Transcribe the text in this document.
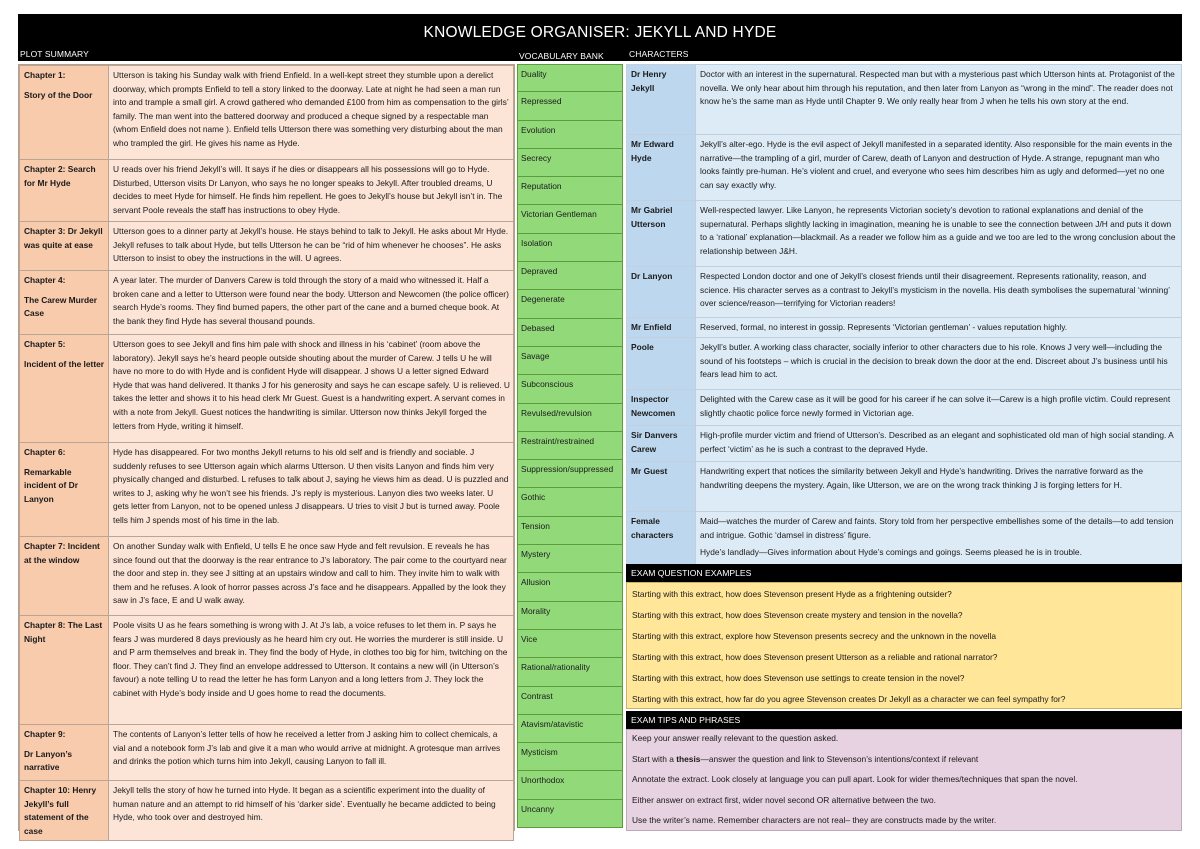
KNOWLEDGE ORGANISER: JEKYLL AND HYDE
PLOT SUMMARY	VOCABULARY BANK	CHARACTERS
Chapter 1:
Story of the Door	Utterson is taking his Sunday walk with friend Enfield. In a well-kept street they stumble upon a derelict doorway, which prompts Enfield to tell a story linked to the doorway. Late at night he had seen a man run into and trample a small girl. A crowd gathered who demanded £100 from him as compensation to the girls’ family. The man went into the battered doorway and produced a cheque signed by a respectable man (whom Enfield does not name ). Enfield tells Utterson there was something very disturbing about the man who trampled the girl. He gives his name as Hyde.
Chapter 2: Search for Mr Hyde	U reads over his friend Jekyll’s will. It says if he dies or disappears all his possessions will go to Hyde. Disturbed, Utterson visits Dr Lanyon, who says he no longer speaks to Jekyll. After troubled dreams, U decides to meet Hyde for himself. He finds him repellent. He goes to Jekyll’s house but Jekyll isn’t in. The servant Poole reveals the staff has instructions to obey Hyde.
Chapter 3: Dr Jekyll was quite at ease	Utterson goes to a dinner party at Jekyll’s house. He stays behind to talk to Jekyll. He asks about Mr Hyde. Jekyll refuses to talk about Hyde, but tells Utterson he can be “rid of him whenever he chooses”. He asks Utterson to insist to obey the instructions in the will. U agrees.

Chapter 4:
The Carew Murder Case	A year later. The murder of Danvers Carew is told through the story of a maid who witnessed it. Half a broken cane and a letter to Utterson were found near the body. Utterson and Newcomen (the police officer) search Hyde’s rooms. They find burned papers, the other part of the cane and a burned cheque book. At the bank they find Hyde has several thousand pounds.

Chapter 5:
Incident of the letter	Utterson goes to see Jekyll and fins him pale with shock and illness in his ‘cabinet’ (room above the laboratory). Jekyll says he’s heard people outside shouting about the murder of Carew. J tells U he will have no more to do with Hyde and is confident Hyde will disappear. J shows U a letter signed Edward Hyde that was hand delivered. It thanks J for his generosity and says he can escape safely. U is relieved. U takes the letter and shows it to his head clerk Mr Guest. Guest is a handwriting expert. A servant comes in with a note from Jekyll. Guest notices the handwriting is similar. Utterson now thinks Jekyll forged the letters from Hyde, writing it himself.

Chapter 6:
Remarkable incident of Dr Lanyon	Hyde has disappeared. For two months Jekyll returns to his old self and is friendly and sociable. J suddenly refuses to see Utterson again which alarms Utterson. U then visits Lanyon and finds him very physically changed and disturbed. L refuses to talk about J, saying he views him as dead. U is puzzled and writes to J, asking why he won’t see his friends. J’s reply is mysterious. Lanyon dies two weeks later. U gets letter from Lanyon, not to be opened unless J disappears. U tries to visit J but is turned away. Poole tells him J spends most of his time in the lab.
Chapter 7: Incident at the window	On another Sunday walk with Enfield, U tells E he once saw Hyde and felt revulsion. E reveals he has since found out that the doorway is the rear entrance to J’s laboratory. The pair come to the courtyard near the door and step in. they see J sitting at an upstairs window and call to him. They invite him to walk with them and he refuses. A look of horror passes across J’s face and he disappears. Appalled by the look they saw in J’s face, E and U walk away.
Chapter 8: The Last Night	Poole visits U as he fears something is wrong with J. At J’s lab, a voice refuses to let them in. P says he fears J was murdered 8 days previously as he heard him cry out. He worries the murderer is still inside. U and P arm themselves and break in. They find the body of Hyde, in clothes too big for him, twitching on the floor. They can’t find J. They find an envelope addressed to Utterson. It contains a new will (in Utterson’s favour) a note telling U to read the letter he has form Lanyon and a long letters from J. They lock the cabinet with Hyde’s body inside and U goes home to read the documents.

Chapter 9:
Dr Lanyon’s narrative	The contents of Lanyon’s letter tells of how he received a letter from J asking him to collect chemicals, a vial and a notebook form J’s lab and give it a man who would arrive at midnight. A grotesque man arrives and drinks the potion which turns him into Jekyll, causing Lanyon to fall ill.
Chapter 10: Henry Jekyll’s full statement of the case	Jekyll tells the story of how he turned into Hyde. It began as a scientific experiment into the duality of human nature and an attempt to rid himself of his ‘darker side’. Eventually he became addicted to being Hyde, who took over and destroyed him.
Duality
Repressed
Evolution
Secrecy
Reputation
Victorian Gentleman
Isolation
Depraved
Degenerate
Debased
Savage
Subconscious
Revulsed/revulsion
Restraint/restrained
Suppression/suppressed
Gothic
Tension
Mystery
Allusion
Morality
Vice
Rational/rationality
Contrast
Atavism/atavistic
Mysticism
Unorthodox
Uncanny
Dr Henry Jekyll	Doctor with an interest in the supernatural. Respected man but with a mysterious past which Utterson hints at. Protagonist of the novella. We only hear about him through his reputation, and then later from Lanyon as “wrong in the mind”. The reader does not know he’s the same man as Hyde until Chapter 9. We only really hear from J when he tells his own story at the end.
Mr Edward Hyde	Jekyll’s alter-ego. Hyde is the evil aspect of Jekyll manifested in a separated identity. Also responsible for the main events in the narrative—the trampling of a girl, murder of Carew, death of Lanyon and destruction of Hyde. A strange, repugnant man who looks faintly pre-human. He’s violent and cruel, and everyone who sees him describes him as ugly and deformed—yet no one can say exactly why.
Mr Gabriel Utterson	Well-respected lawyer. Like Lanyon, he represents Victorian society’s devotion to rational explanations and denial of the supernatural. Perhaps slightly lacking in imagination, meaning he is unable to see the connection between J/H and puts it down to a ‘rational’ explanation—blackmail. As a reader we follow him as a guide and we too are led to the wrong conclusion about the relationship between J&H.
Dr Lanyon	Respected London doctor and one of Jekyll’s closest friends until their disagreement. Represents rationality, reason, and science. His character serves as a contrast to Jekyll’s mysticism in the novella. His death symbolises the supernatural ‘winning’ over science/reason—terrifying for Victorian readers!
Mr Enfield	Reserved, formal, no interest in gossip. Represents ‘Victorian gentleman’ - values reputation highly.
Poole	Jekyll’s butler. A working class character, socially inferior to other characters due to his role. Knows J very well—including the sound of his footsteps – which is crucial in the decision to break down the door at the end. Discreet about J’s business until his fears lead him to act.
Inspector Newcomen	Delighted with the Carew case as it will be good for his career if he can solve it—Carew is a high profile victim. Could represent slightly chaotic police force newly formed in Victorian age.
Sir Danvers Carew	High-profile murder victim and friend of Utterson’s. Described as an elegant and sophisticated old man of high social standing. A perfect ‘victim’ as he is such a contrast to the depraved Hyde.
Mr Guest	Handwriting expert that notices the similarity between Jekyll and Hyde’s handwriting. Drives the narrative forward as the handwriting deepens the mystery. Again, like Utterson, we are on the wrong track thinking J is forging letters for H.
Female characters	Maid—watches the murder of Carew and faints. Story told from her perspective embellishes some of the details—to add tension and intrigue. Gothic ‘damsel in distress’ figure.
Hyde’s landlady—Gives information about Hyde’s comings and goings. Seems pleased he is in trouble.
EXAM QUESTION EXAMPLES
Starting with this extract, how does Stevenson present Hyde as a frightening outsider?
Starting with this extract, how does Stevenson create mystery and tension in the novella?
Starting with this extract, explore how Stevenson presents secrecy and the unknown in the novella
Starting with this extract, how does Stevenson present Utterson as a reliable and rational narrator?
Starting with this extract, how does Stevenson use settings to create tension in the novel?
Starting with this extract, how far do you agree Stevenson creates Dr Jekyll as a character we can feel sympathy for?
EXAM TIPS AND PHRASES
Keep your answer really relevant to the question asked.
Start with a thesis—answer the question and link to Stevenson’s intentions/context if relevant
Annotate the extract. Look closely at language you can pull apart. Look for wider themes/techniques that span the novel.
Either answer on extract first, wider novel second OR alternative between the two.
Use the writer’s name. Remember characters are not real– they are constructs made by the writer.
